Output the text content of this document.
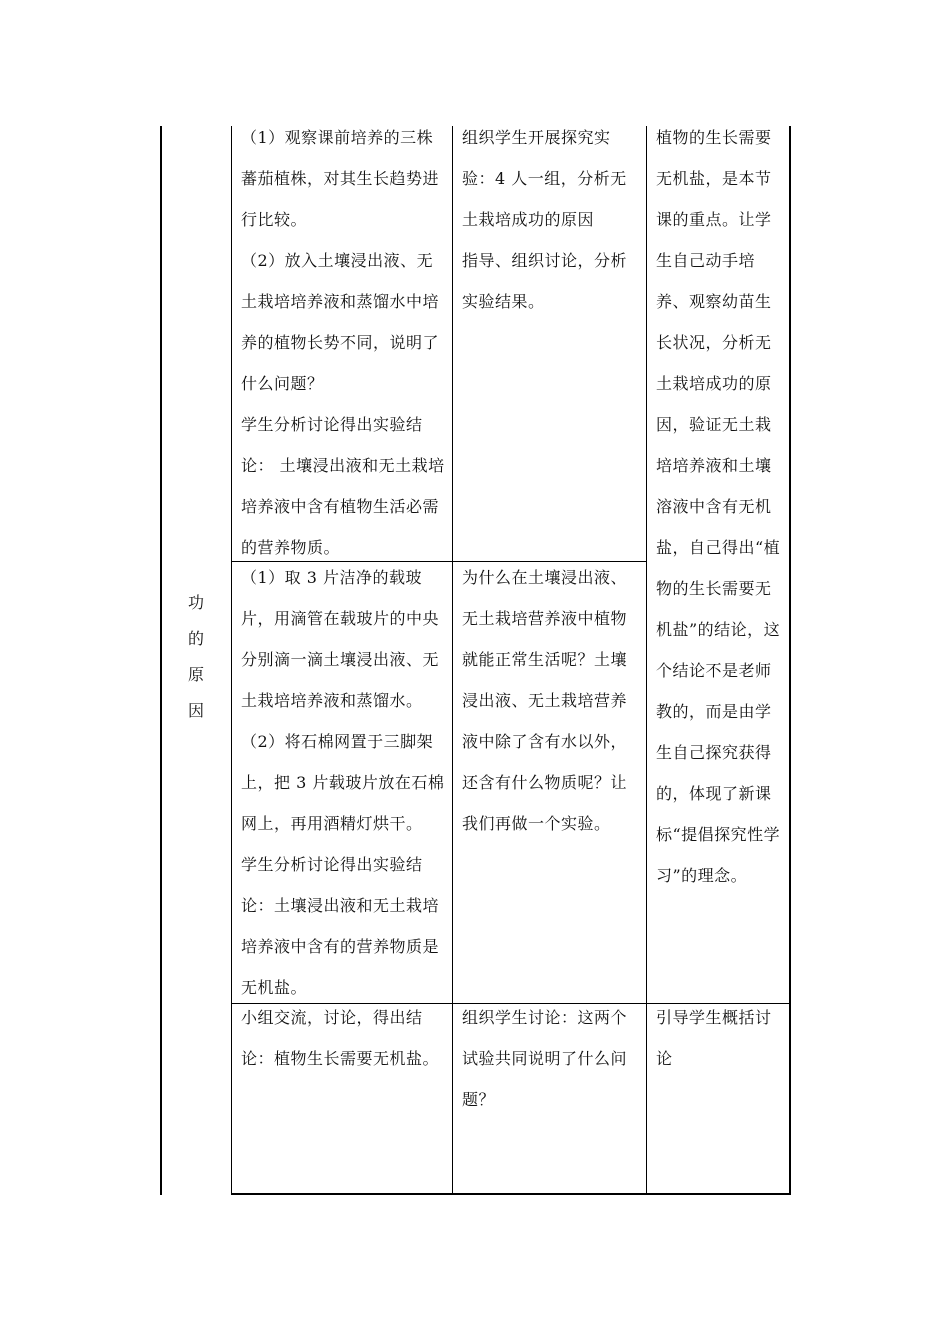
功
的
原
因
（1）观察课前培养的三株蕃茄植株，对其生长趋势进行比较。
（2）放入土壤浸出液、无土栽培培养液和蒸馏水中培养的植物长势不同，说明了什么问题？
学生分析讨论得出实验结论： 土壤浸出液和无土栽培培养液中含有植物生活必需的营养物质。
组织学生开展探究实验：4 人一组，分析无土栽培成功的原因
指导、组织讨论，分析实验结果。
植物的生长需要无机盐，是本节课的重点。让学生自己动手培养、观察幼苗生长状况，分析无土栽培成功的原因，验证无土栽培培养液和土壤溶液中含有无机盐，自己得出“植物的生长需要无机盐”的结论，这个结论不是老师教的，而是由学生自己探究获得的，体现了新课标“提倡探究性学习”的理念。
（1）取 3 片洁净的载玻片，用滴管在载玻片的中央分别滴一滴土壤浸出液、无土栽培培养液和蒸馏水。
（2）将石棉网置于三脚架上，把 3 片载玻片放在石棉网上，再用酒精灯烘干。
学生分析讨论得出实验结论：土壤浸出液和无土栽培培养液中含有的营养物质是无机盐。
为什么在土壤浸出液、无土栽培营养液中植物就能正常生活呢？土壤浸出液、无土栽培营养液中除了含有水以外，还含有什么物质呢？让我们再做一个实验。
小组交流，讨论，得出结论：植物生长需要无机盐。
组织学生讨论：这两个试验共同说明了什么问题？
引导学生概括讨论
